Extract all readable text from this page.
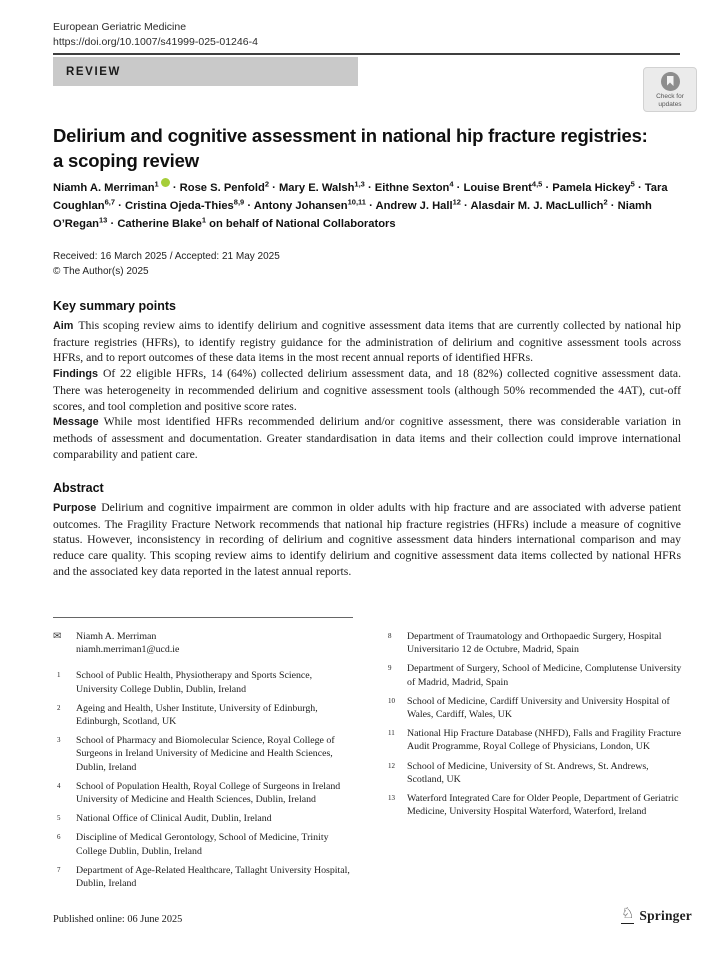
European Geriatric Medicine
https://doi.org/10.1007/s41999-025-01246-4
REVIEW
Check for
updates
Delirium and cognitive assessment in national hip fracture registries:
a scoping review
Niamh A. Merriman$^1$ · Rose S. Penfold$^2$ · Mary E. Walsh$^{1,3}$ · Eithne Sexton$^4$ · Louise Brent$^{4,5}$ · Pamela Hickey$^5$ · Tara Coughlan$^{6,7}$ · Cristina Ojeda-Thies$^{8,9}$ · Antony Johansen$^{10,11}$ · Andrew J. Hall$^{12}$ · Alasdair M. J. MacLullich$^2$ · Niamh O’Regan$^{13}$ · Catherine Blake$^1$ on behalf of National Collaborators
Received: 16 March 2025 / Accepted: 21 May 2025
© The Author(s) 2025
Key summary points

Aim This scoping review aims to identify delirium and cognitive assessment data items that are currently collected by national hip fracture registries (HFRs), to identify registry guidance for the administration of delirium and cognitive assessment tools across HFRs, and to report outcomes of these data items in the most recent annual reports of identified HFRs.

Findings Of 22 eligible HFRs, 14 (64%) collected delirium assessment data, and 18 (82%) collected cognitive assessment data. There was heterogeneity in recommended delirium and cognitive assessment tools (although 50% recommended the 4AT), cut-off scores, and tool completion and positive score rates.

Message While most identified HFRs recommended delirium and/or cognitive assessment, there was considerable variation in methods of assessment and documentation. Greater standardisation in data items and their collection could improve international comparability and patient care.

Abstract

Purpose Delirium and cognitive impairment are common in older adults with hip fracture and are associated with adverse patient outcomes. The Fragility Fracture Network recommends that national hip fracture registries (HFRs) include a measure of cognitive status. However, inconsistency in recording of delirium and cognitive assessment data hinders international comparison and may reduce care quality. This scoping review aims to identify delirium and cognitive assessment data items collected by national HFRs and the associated key data reported in the latest annual reports.

✉ Niamh A. Merriman
niamh.merriman1@ucd.ie
1 School of Public Health, Physiotherapy and Sports Science, University College Dublin, Dublin, Ireland
2 Ageing and Health, Usher Institute, University of Edinburgh, Edinburgh, Scotland, UK
3 School of Pharmacy and Biomolecular Science, Royal College of Surgeons in Ireland University of Medicine and Health Sciences, Dublin, Ireland
4 School of Population Health, Royal College of Surgeons in Ireland University of Medicine and Health Sciences, Dublin, Ireland
5 National Office of Clinical Audit, Dublin, Ireland
6 Discipline of Medical Gerontology, School of Medicine, Trinity College Dublin, Dublin, Ireland
7 Department of Age-Related Healthcare, Tallaght University Hospital, Dublin, Ireland
8 Department of Traumatology and Orthopaedic Surgery, Hospital Universitario 12 de Octubre, Madrid, Spain
9 Department of Surgery, School of Medicine, Complutense University of Madrid, Madrid, Spain
10 School of Medicine, Cardiff University and University Hospital of Wales, Cardiff, Wales, UK
11 National Hip Fracture Database (NHFD), Falls and Fragility Fracture Audit Programme, Royal College of Physicians, London, UK
12 School of Medicine, University of St. Andrews, St. Andrews, Scotland, UK
13 Waterford Integrated Care for Older People, Department of Geriatric Medicine, University Hospital Waterford, Waterford, Ireland
Published online: 06 June 2025	♘ Springer
